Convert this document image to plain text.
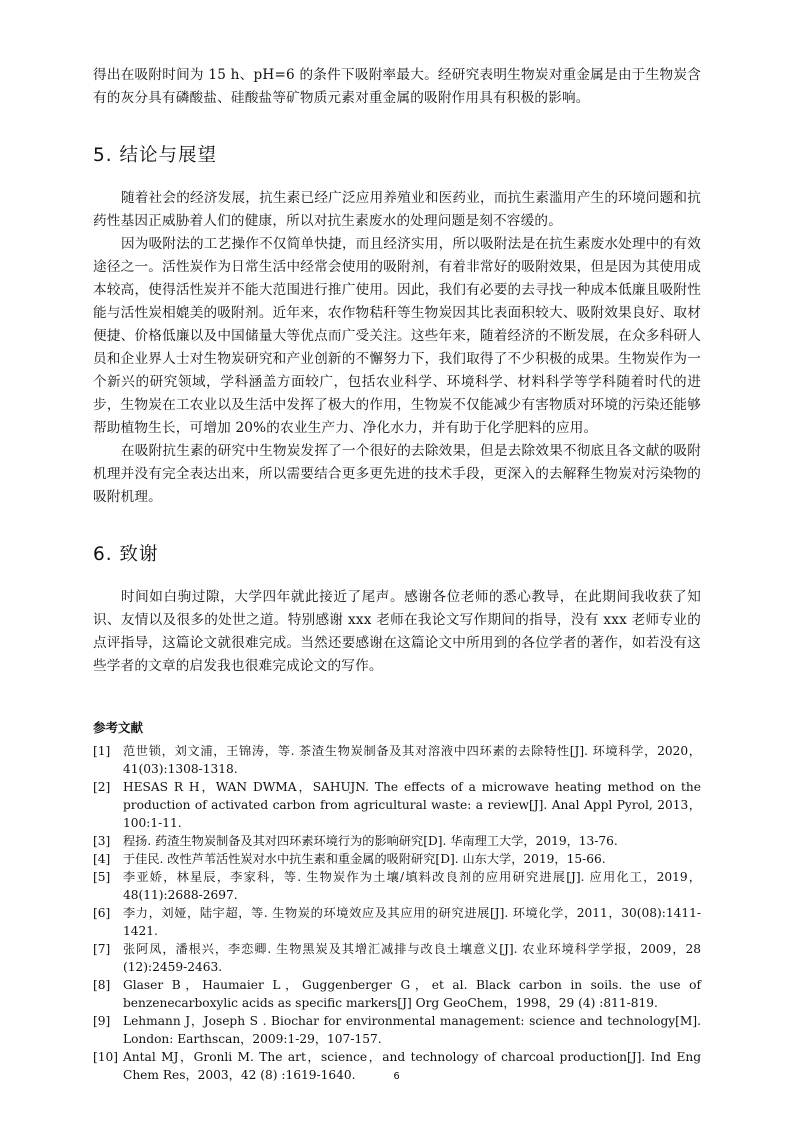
得出在吸附时间为 15 h、pH=6 的条件下吸附率最大。经研究表明生物炭对重金属是由于生物炭含有的灰分具有磷酸盐、硅酸盐等矿物质元素对重金属的吸附作用具有积极的影响。

5. 结论与展望

随着社会的经济发展，抗生素已经广泛应用养殖业和医药业，而抗生素滥用产生的环境问题和抗药性基因正威胁着人们的健康，所以对抗生素废水的处理问题是刻不容缓的。

因为吸附法的工艺操作不仅简单快捷，而且经济实用，所以吸附法是在抗生素废水处理中的有效途径之一。活性炭作为日常生活中经常会使用的吸附剂，有着非常好的吸附效果，但是因为其使用成本较高，使得活性炭并不能大范围进行推广使用。因此，我们有必要的去寻找一种成本低廉且吸附性能与活性炭相媲美的吸附剂。近年来，农作物秸秆等生物炭因其比表面积较大、吸附效果良好、取材便捷、价格低廉以及中国储量大等优点而广受关注。这些年来，随着经济的不断发展，在众多科研人员和企业界人士对生物炭研究和产业创新的不懈努力下，我们取得了不少积极的成果。生物炭作为一个新兴的研究领域，学科涵盖方面较广，包括农业科学、环境科学、材料科学等学科随着时代的进步，生物炭在工农业以及生活中发挥了极大的作用，生物炭不仅能减少有害物质对环境的污染还能够帮助植物生长，可增加 20%的农业生产力、净化水力，并有助于化学肥料的应用。

在吸附抗生素的研究中生物炭发挥了一个很好的去除效果，但是去除效果不彻底且各文献的吸附机理并没有完全表达出来，所以需要结合更多更先进的技术手段，更深入的去解释生物炭对污染物的吸附机理。

6. 致谢

时间如白驹过隙，大学四年就此接近了尾声。感谢各位老师的悉心教导，在此期间我收获了知识、友情以及很多的处世之道。特别感谢 xxx 老师在我论文写作期间的指导，没有 xxx 老师专业的点评指导，这篇论文就很难完成。当然还要感谢在这篇论文中所用到的各位学者的著作，如若没有这些学者的文章的启发我也很难完成论文的写作。

参考文献

[1]	范世锁，刘文浦，王锦涛，等. 茶渣生物炭制备及其对溶液中四环素的去除特性[J]. 环境科学，2020，41(03):1308-1318.
[2]	HESAS R H，WAN DWMA，SAHUJN. The effects of a microwave heating method on the production of activated carbon from agricultural waste: a review[J]. Anal Appl Pyrol, 2013，100:1-11.
[3]	程扬. 药渣生物炭制备及其对四环素环境行为的影响研究[D]. 华南理工大学，2019，13-76.
[4]	于佳民. 改性芦苇活性炭对水中抗生素和重金属的吸附研究[D]. 山东大学，2019，15-66.
[5]	李亚娇，林星辰，李家科，等. 生物炭作为土壤/填料改良剂的应用研究进展[J]. 应用化工，2019，48(11):2688-2697.
[6]	李力，刘娅，陆宇超，等. 生物炭的环境效应及其应用的研究进展[J]. 环境化学，2011，30(08):1411-1421.
[7]	张阿凤，潘根兴，李恋卿. 生物黑炭及其增汇减排与改良土壤意义[J]. 农业环境科学学报，2009，28 (12):2459-2463.
[8]	Glaser B，Haumaier L，Guggenberger G，et al. Black carbon in soils. the use of benzenecarboxylic acids as specific markers[J] Org GeoChem，1998，29 (4) :811-819.
[9]	Lehmann J，Joseph S . Biochar for environmental management: science and technology[M]. London: Earthscan，2009:1-29，107-157.
[10] Antal MJ，Gronli M. The art，science，and technology of charcoal production[J]. Ind Eng Chem Res，2003，42 (8) :1619-1640.	6
